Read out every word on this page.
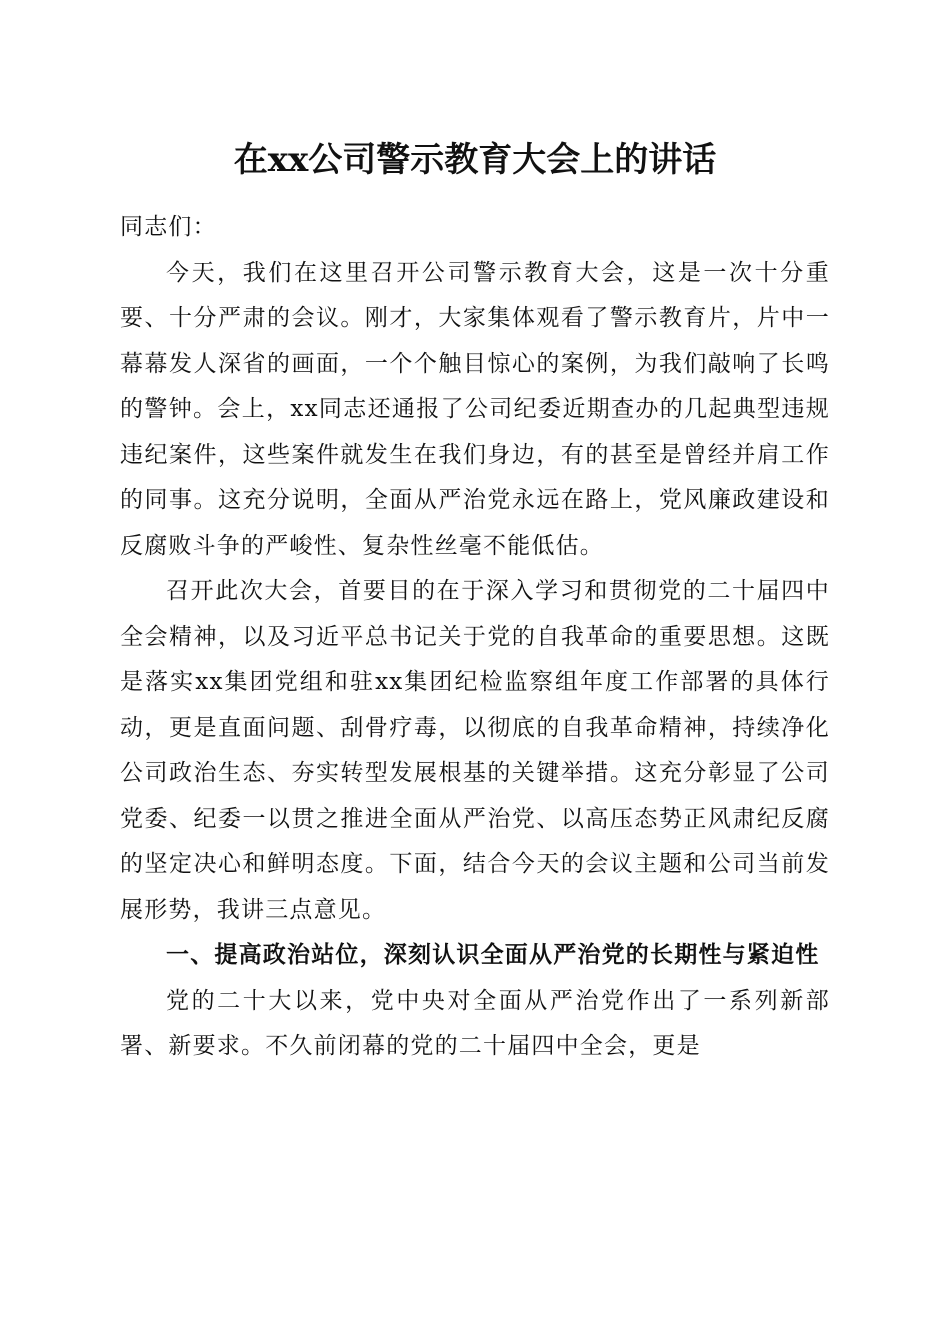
在xx公司警示教育大会上的讲话

同志们：

今天，我们在这里召开公司警示教育大会，这是一次十分重要、十分严肃的会议。刚才，大家集体观看了警示教育片，片中一幕幕发人深省的画面，一个个触目惊心的案例，为我们敲响了长鸣的警钟。会上，xx同志还通报了公司纪委近期查办的几起典型违规违纪案件，这些案件就发生在我们身边，有的甚至是曾经并肩工作的同事。这充分说明，全面从严治党永远在路上，党风廉政建设和反腐败斗争的严峻性、复杂性丝毫不能低估。

召开此次大会，首要目的在于深入学习和贯彻党的二十届四中全会精神，以及习近平总书记关于党的自我革命的重要思想。这既是落实xx集团党组和驻xx集团纪检监察组年度工作部署的具体行动，更是直面问题、刮骨疗毒，以彻底的自我革命精神，持续净化公司政治生态、夯实转型发展根基的关键举措。这充分彰显了公司党委、纪委一以贯之推进全面从严治党、以高压态势正风肃纪反腐的坚定决心和鲜明态度。下面，结合今天的会议主题和公司当前发展形势，我讲三点意见。

一、提高政治站位，深刻认识全面从严治党的长期性与紧迫性

党的二十大以来，党中央对全面从严治党作出了一系列新部署、新要求。不久前闭幕的党的二十届四中全会，更是
